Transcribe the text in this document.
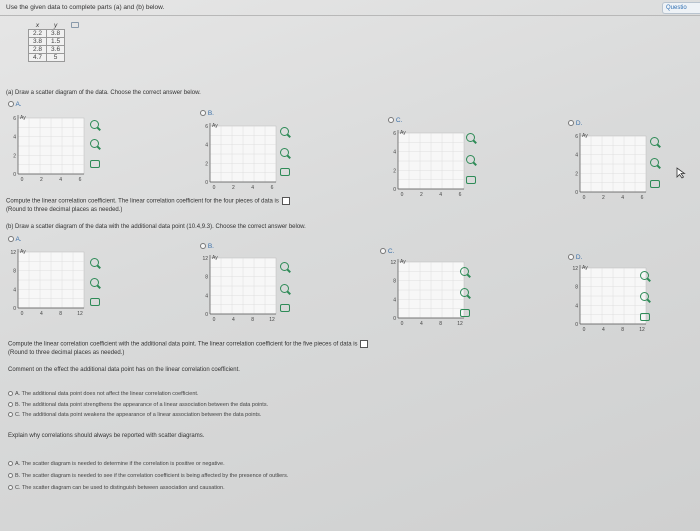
Use the given data to complete parts (a) and (b) below.	Questio
x	y
2.2	3.8
3.8	1.5
2.8	3.6
4.7	5
(a) Draw a scatter diagram of the data. Choose the correct answer below.
A.
B.
C.	D.
Ay
6
4
2
0
0	2	4	6
Ay
6
4
2
0
0	2	4	6
Ay
6
4
2
0
0	2	4	6
Ay
6
4
2
0
0	2	4	6
Compute the linear correlation coefficient. The linear correlation coefficient for the four pieces of data is
(Round to three decimal places as needed.)
(b) Draw a scatter diagram of the data with the additional data point (10.4,9.3). Choose the correct answer below.
A.
B.
C.
D.
Ay
12
8
4
0
0	4	8	12
Ay
12
8
4
0
0	4	8	12
Ay
12
8
4
0
0	4	8	12
Ay
12
8
4
0
0	4	8	12
Compute the linear correlation coefficient with the additional data point. The linear correlation coefficient for the five pieces of data is
(Round to three decimal places as needed.)
Comment on the effect the additional data point has on the linear correlation coefficient.
A. The additional data point does not affect the linear correlation coefficient.
B. The additional data point strengthens the appearance of a linear association between the data points.
C. The additional data point weakens the appearance of a linear association between the data points.
Explain why correlations should always be reported with scatter diagrams.
A. The scatter diagram is needed to determine if the correlation is positive or negative.
B. The scatter diagram is needed to see if the correlation coefficient is being affected by the presence of outliers.
C. The scatter diagram can be used to distinguish between association and causation.
